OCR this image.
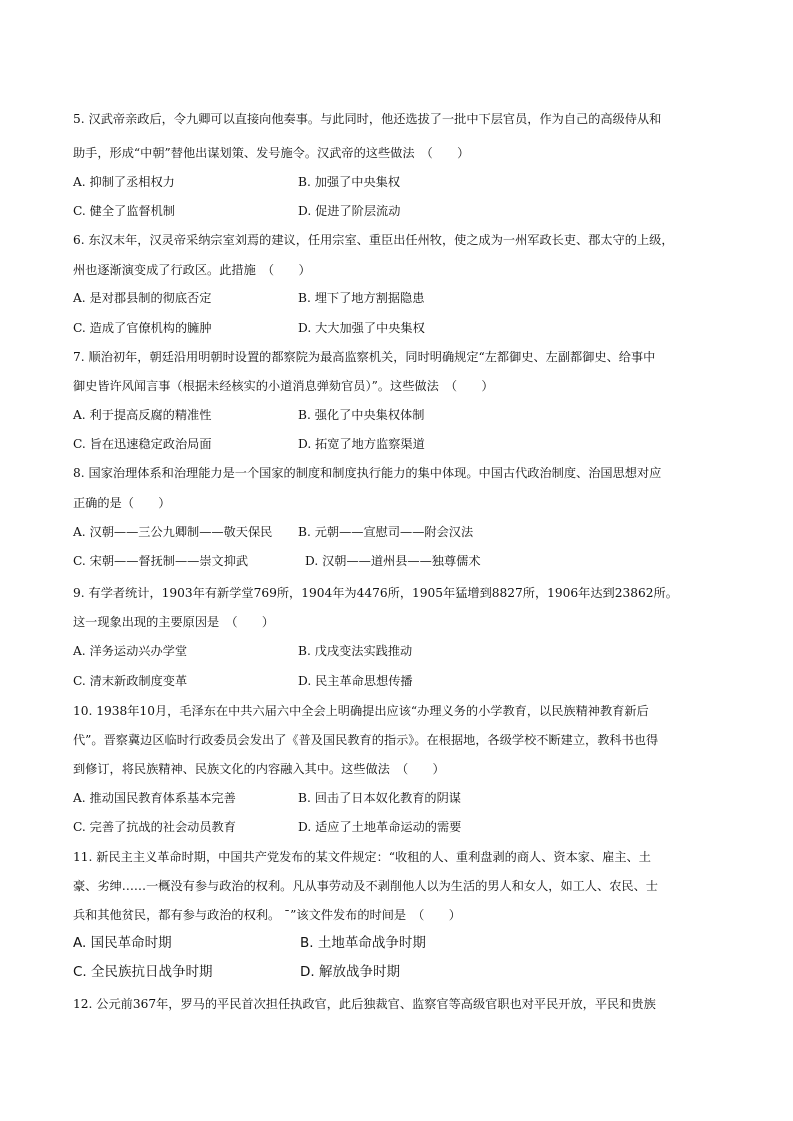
5. 汉武帝亲政后，令九卿可以直接向他奏事。与此同时，他还选拔了一批中下层官员，作为自己的高级侍从和
助手，形成“中朝”替他出谋划策、发号施令。汉武帝的这些做法　（　　）
A. 抑制了丞相权力	B. 加强了中央集权
C. 健全了监督机制	D. 促进了阶层流动
6. 东汉末年，汉灵帝采纳宗室刘焉的建议，任用宗室、重臣出任州牧，使之成为一州军政长吏、郡太守的上级，
州也逐渐演变成了行政区。此措施　（　　）
A. 是对郡县制的彻底否定	B. 埋下了地方割据隐患
C. 造成了官僚机构的臃肿	D. 大大加强了中央集权
7. 顺治初年，朝廷沿用明朝时设置的都察院为最高监察机关，同时明确规定“左都御史、左副都御史、给事中
御史皆许风闻言事（根据未经核实的小道消息弹劾官员）”。这些做法　（　　）
A. 利于提高反腐的精准性	B. 强化了中央集权体制
C. 旨在迅速稳定政治局面	D. 拓宽了地方监察渠道
8. 国家治理体系和治理能力是一个国家的制度和制度执行能力的集中体现。中国古代政治制度、治国思想对应
正确的是（　　）
A. 汉朝——三公九卿制——敬天保民 B. 元朝——宣慰司——附会汉法
C. 宋朝——督抚制——崇文抑武	D. 汉朝——道州县——独尊儒术
9. 有学者统计，1903年有新学堂769所，1904年为4476所，1905年猛增到8827所，1906年达到23862所。
这一现象出现的主要原因是　（　　）
A. 洋务运动兴办学堂	B. 戊戌变法实践推动
C. 清末新政制度变革	D. 民主革命思想传播
10. 1938年10月，毛泽东在中共六届六中全会上明确提出应该“办理义务的小学教育，以民族精神教育新后
代”。晋察冀边区临时行政委员会发出了《普及国民教育的指示》。在根据地，各级学校不断建立，教科书也得
到修订，将民族精神、民族文化的内容融入其中。这些做法　（　　）
A. 推动国民教育体系基本完善	B. 回击了日本奴化教育的阴谋
C. 完善了抗战的社会动员教育	D. 适应了土地革命运动的需要
11. 新民主主义革命时期，中国共产党发布的某文件规定：“收租的人、重利盘剥的商人、资本家、雇主、土
豪、劣绅……一概没有参与政治的权利。凡从事劳动及不剥削他人以为生活的男人和女人，如工人、农民、士
兵和其他贫民，都有参与政治的权利。 ˉ”该文件发布的时间是　（　　）
A. 国民革命时期	B. 土地革命战争时期
C. 全民族抗日战争时期	D. 解放战争时期
12. 公元前367年，罗马的平民首次担任执政官，此后独裁官、监察官等高级官职也对平民开放，平民和贵族
